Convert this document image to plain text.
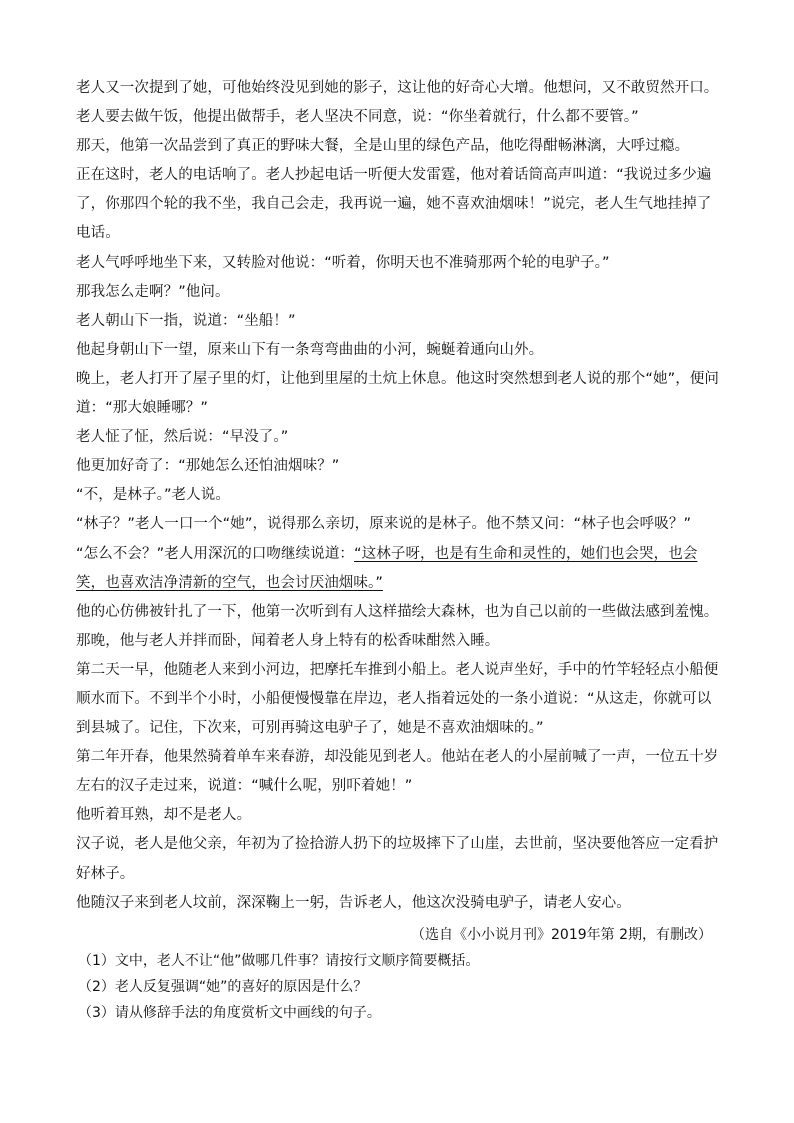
老人又一次提到了她，可他始终没见到她的影子，这让他的好奇心大增。他想问，又不敢贸然开口。

老人要去做午饭，他提出做帮手，老人坚决不同意，说：“你坐着就行，什么都不要管。”

那天，他第一次品尝到了真正的野味大餐，全是山里的绿色产品，他吃得酣畅淋漓，大呼过瘾。

正在这时，老人的电话响了。老人抄起电话一听便大发雷霆，他对着话筒高声叫道：“我说过多少遍了，你那四个轮的我不坐，我自己会走，我再说一遍，她不喜欢油烟味！”说完，老人生气地挂掉了电话。

老人气呼呼地坐下来，又转脸对他说：“听着，你明天也不准骑那两个轮的电驴子。”

那我怎么走啊？”他问。

老人朝山下一指，说道：“坐船！”

他起身朝山下一望，原来山下有一条弯弯曲曲的小河，蜿蜒着通向山外。

晚上，老人打开了屋子里的灯，让他到里屋的土炕上休息。他这时突然想到老人说的那个“她”，便问道：“那大娘睡哪？”

老人怔了怔，然后说：“早没了。”

他更加好奇了：“那她怎么还怕油烟味？”

“不，是林子。”老人说。

“林子？”老人一口一个“她”，说得那么亲切，原来说的是林子。他不禁又问：“林子也会呼吸？”

“怎么不会？”老人用深沉的口吻继续说道：“这林子呀，也是有生命和灵性的，她们也会哭，也会笑，也喜欢洁净清新的空气，也会讨厌油烟味。”

他的心仿佛被针扎了一下，他第一次听到有人这样描绘大森林，也为自己以前的一些做法感到羞愧。那晚，他与老人并拌而卧，闻着老人身上特有的松香味酣然入睡。

第二天一早，他随老人来到小河边，把摩托车推到小船上。老人说声坐好，手中的竹竿轻轻点小船便顺水而下。不到半个小时，小船便慢慢靠在岸边，老人指着远处的一条小道说：“从这走，你就可以到县城了。记住，下次来，可别再骑这电驴子了，她是不喜欢油烟味的。”

第二年开春，他果然骑着单车来春游，却没能见到老人。他站在老人的小屋前喊了一声，一位五十岁左右的汉子走过来，说道：“喊什么呢，别吓着她！”

他听着耳熟，却不是老人。

汉子说，老人是他父亲，年初为了捡拾游人扔下的垃圾摔下了山崖，去世前，坚决要他答应一定看护好林子。

他随汉子来到老人坟前，深深鞠上一躬，告诉老人，他这次没骑电驴子，请老人安心。

（选自《小小说月刊》2019年第 2期，有删改）

（1）文中，老人不让“他”做哪几件事？请按行文顺序简要概括。

（2）老人反复强调“她”的喜好的原因是什么？

（3）请从修辞手法的角度赏析文中画线的句子。
